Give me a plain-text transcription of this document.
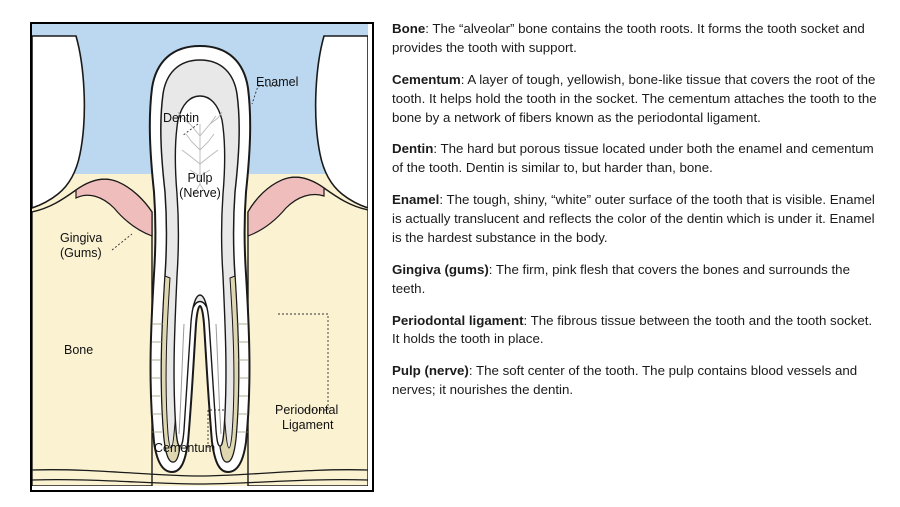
Enamel
Dentin
Pulp
(Nerve)
Gingiva
(Gums)
Bone
Cementum
Periodontal
Ligament

Bone: The “alveolar” bone contains the tooth roots. It forms the tooth socket and provides the tooth with support.

Cementum: A layer of tough, yellowish, bone-like tissue that covers the root of the tooth. It helps hold the tooth in the socket. The cementum attaches the tooth to the bone by a network of fibers known as the periodontal ligament.

Dentin: The hard but porous tissue located under both the enamel and cementum of the tooth. Dentin is similar to, but harder than, bone.

Enamel: The tough, shiny, “white” outer surface of the tooth that is visible. Enamel is actually translucent and reflects the color of the dentin which is under it. Enamel is the hardest substance in the body.

Gingiva (gums): The firm, pink flesh that covers the bones and surrounds the teeth.

Periodontal ligament: The fibrous tissue between the tooth and the tooth socket. It holds the tooth in place.

Pulp (nerve): The soft center of the tooth. The pulp contains blood vessels and nerves; it nourishes the dentin.
